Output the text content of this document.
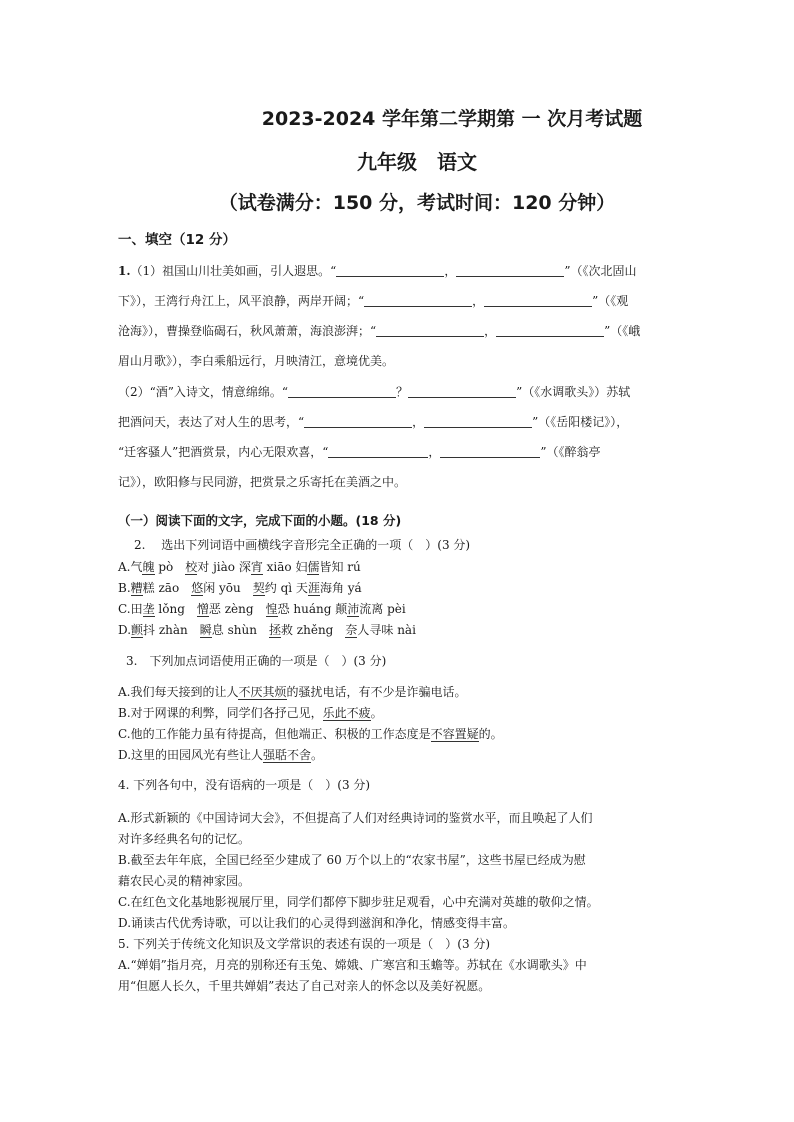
2023-2024 学年第二学期第 一 次月考试题
九年级　语文
（试卷满分：150 分，考试时间：120 分钟）
一、填空（12 分）
1.（1）祖国山川壮美如画，引人遐思。“	，	”（《次北固山
下》），王湾行舟江上，风平浪静，两岸开阔；“	，	”（《观
沧海》），曹操登临碣石，秋风萧萧，海浪澎湃；“	，	”（《峨
眉山月歌》），李白乘船远行，月映清江，意境优美。
（2）“酒”入诗文，情意绵绵。“	？	”（《水调歌头》）苏轼
把酒问天，表达了对人生的思考，“	，	”（《岳阳楼记》），
“迁客骚人”把酒赏景，内心无限欢喜，“	，	”（《醉翁亭
记》），欧阳修与民同游，把赏景之乐寄托在美酒之中。
（一）阅读下面的文字，完成下面的小题。(18 分)
2.　 选出下列词语中画横线字音形完全正确的一项（　）(3 分)
A.气魄 pò　校对 jiào 深宵 xiāo 妇儒皆知 rú
B.糟糕 zāo　悠闲 yōu　契约 qì 天涯海角 yá
C.田垄 lǒng　憎恶 zèng　惶恐 huáng 颠沛流离 pèi
D.颤抖 zhàn　瞬息 shùn　拯救 zhěng　奈人寻味 nài
3.　下列加点词语使用正确的一项是（　）(3 分)
A.我们每天接到的让人不厌其烦的骚扰电话，有不少是诈骗电话。
B.对于网课的利弊，同学们各抒己见，乐此不疲。
C.他的工作能力虽有待提高，但他端正、积极的工作态度是不容置疑的。
D.这里的田园风光有些让人强聒不舍。
4. 下列各句中，没有语病的一项是（　）(3 分)
A.形式新颖的《中国诗词大会》，不但提高了人们对经典诗词的鉴赏水平，而且唤起了人们
对许多经典名句的记忆。
B.截至去年年底，全国已经至少建成了 60 万个以上的“农家书屋”，这些书屋已经成为慰
藉农民心灵的精神家园。
C.在红色文化基地影视展厅里，同学们都停下脚步驻足观看，心中充满对英雄的敬仰之情。
D.诵读古代优秀诗歌，可以让我们的心灵得到滋润和净化，情感变得丰富。
5. 下列关于传统文化知识及文学常识的表述有误的一项是（　）(3 分)
A.“婵娟”指月亮，月亮的别称还有玉兔、嫦娥、广寒宫和玉蟾等。苏轼在《水调歌头》中
用“但愿人长久，千里共婵娟”表达了自己对亲人的怀念以及美好祝愿。
